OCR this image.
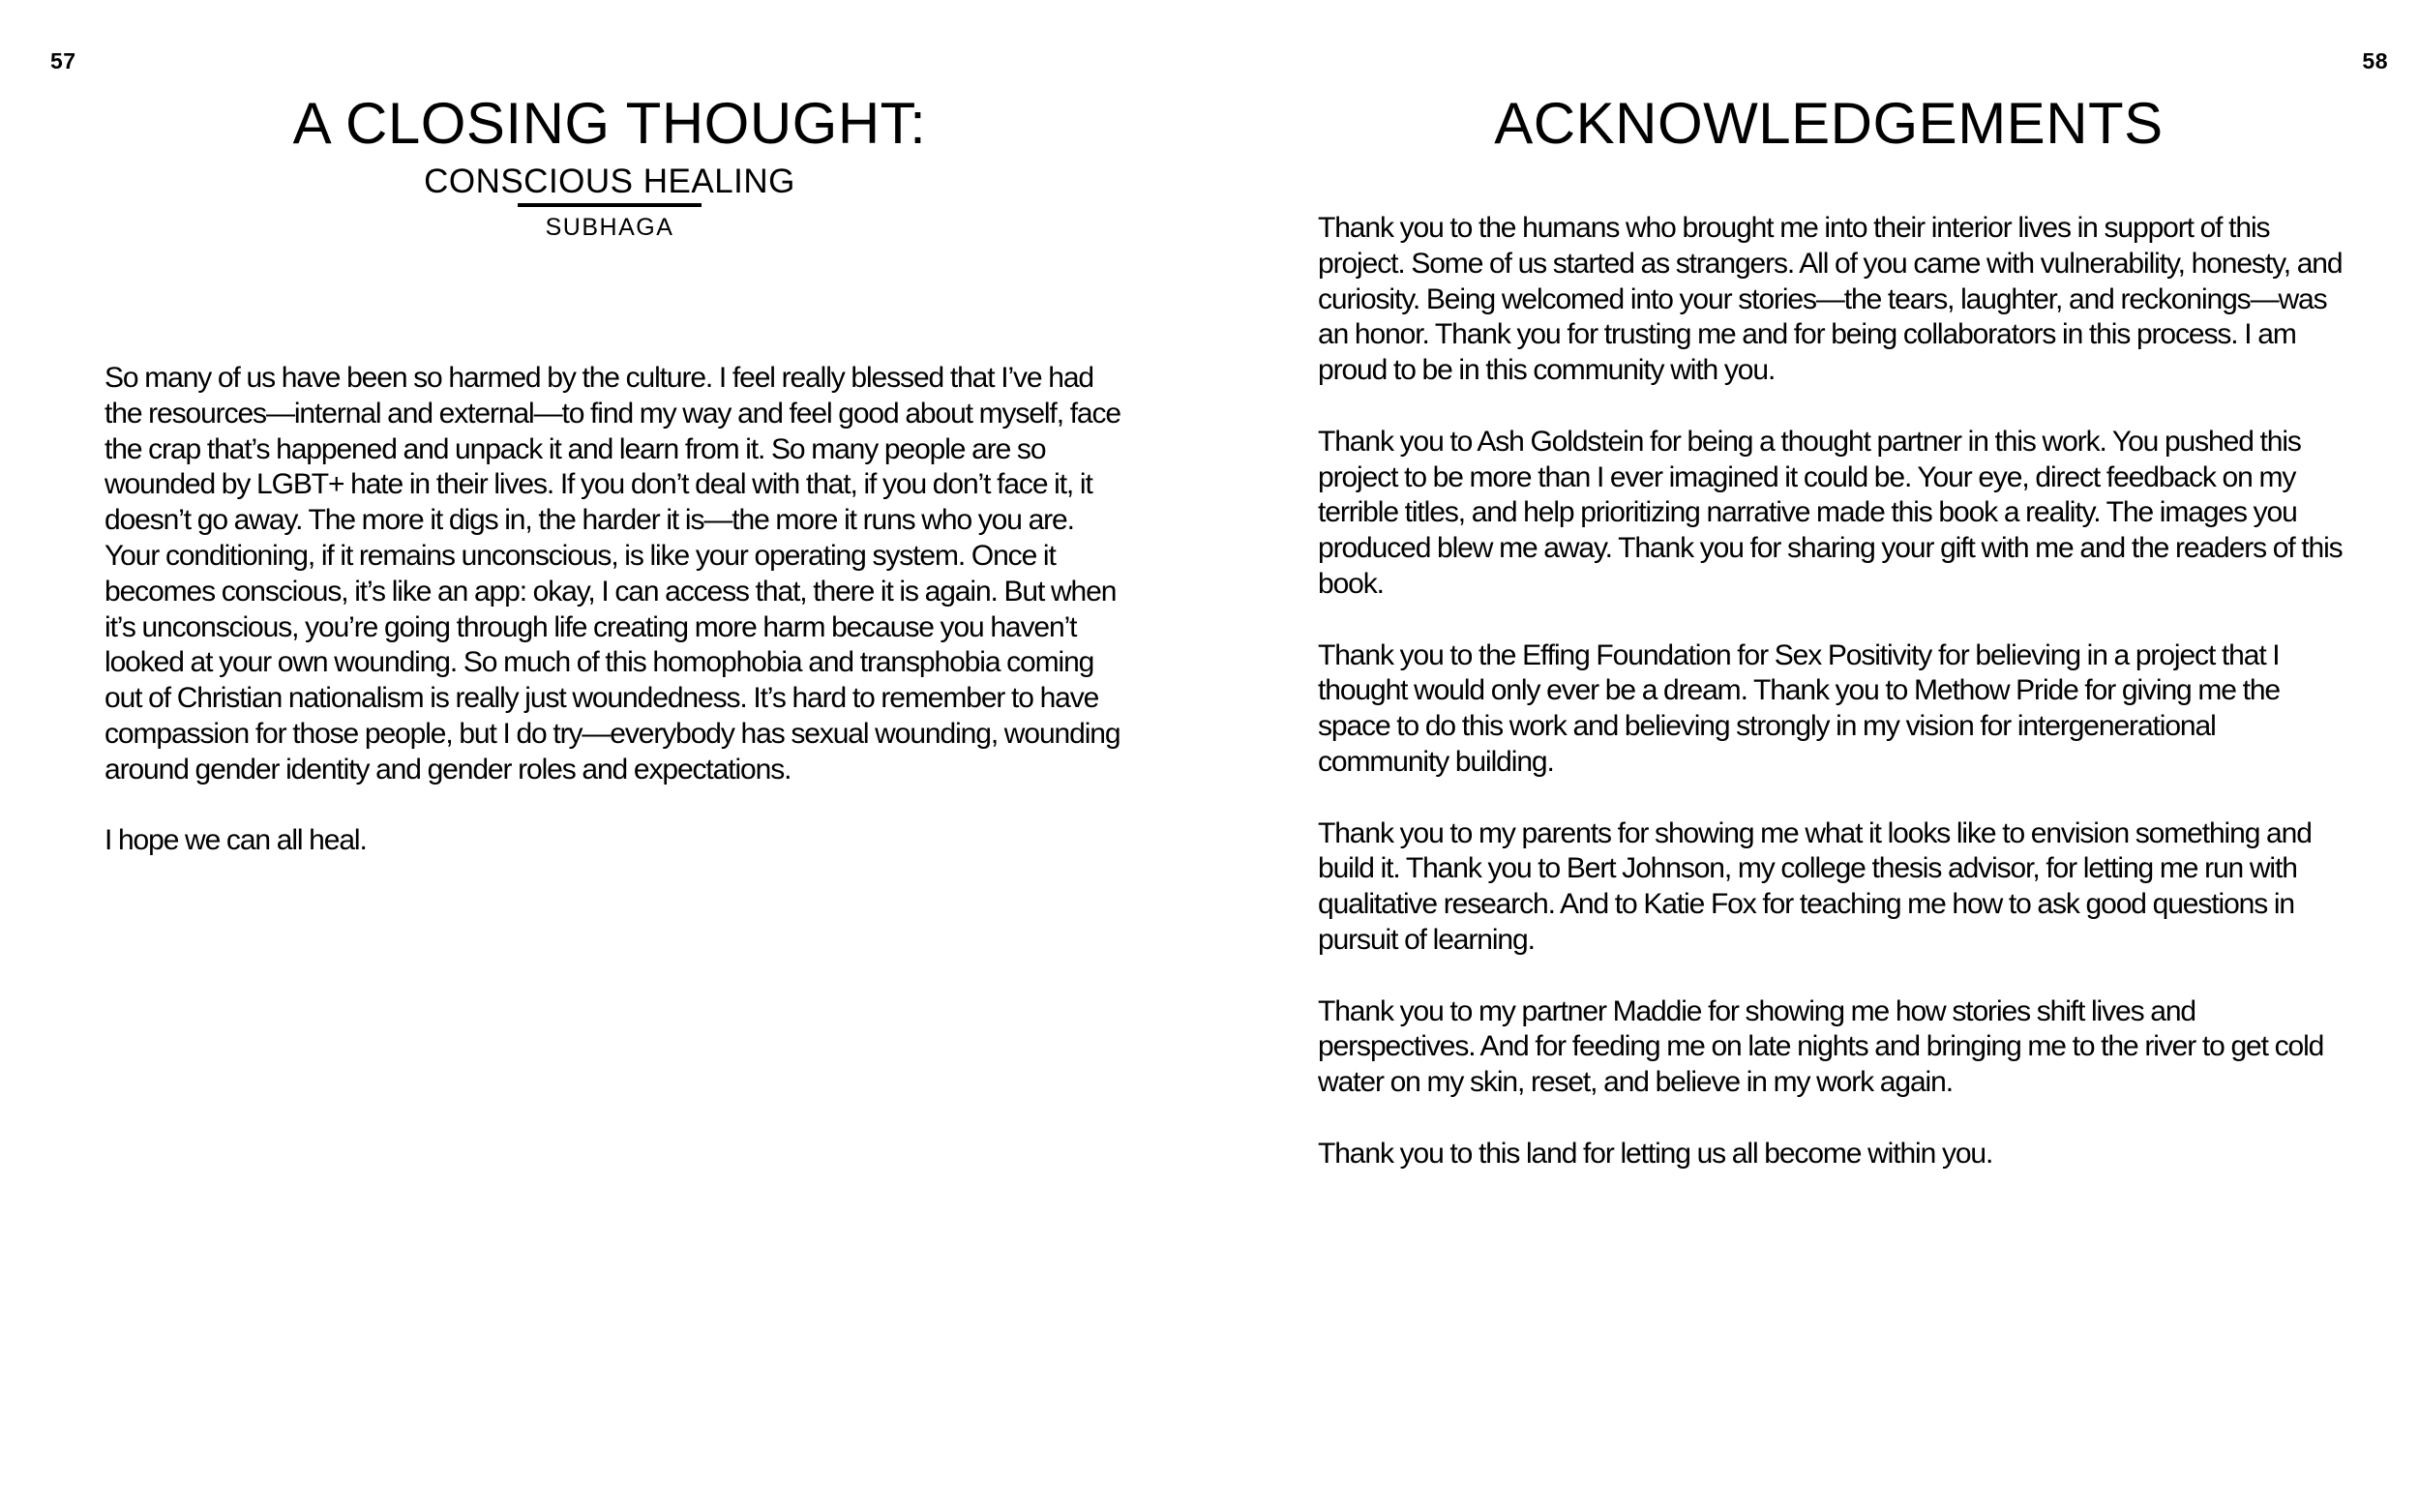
57
A CLOSING THOUGHT:
CONSCIOUS HEALING
SUBHAGA

So many of us have been so harmed by the culture. I feel really blessed that I’ve had the resources—internal and external—to find my way and feel good about myself, face the crap that’s happened and unpack it and learn from it. So many people are so wounded by LGBT+ hate in their lives. If you don’t deal with that, if you don’t face it, it doesn’t go away. The more it digs in, the harder it is—the more it runs who you are. Your conditioning, if it remains unconscious, is like your operating system. Once it becomes conscious, it’s like an app: okay, I can access that, there it is again. But when it’s unconscious, you’re going through life creating more harm because you haven’t looked at your own wounding. So much of this homophobia and transphobia coming out of Christian nationalism is really just woundedness. It’s hard to remember to have compassion for those people, but I do try—everybody has sexual wounding, wounding around gender identity and gender roles and expectations.

I hope we can all heal.

58
ACKNOWLEDGEMENTS

Thank you to the humans who brought me into their interior lives in support of this project. Some of us started as strangers. All of you came with vulnerability, honesty, and curiosity. Being welcomed into your stories—the tears, laughter, and reckonings—was an honor. Thank you for trusting me and for being collaborators in this process. I am proud to be in this community with you.

Thank you to Ash Goldstein for being a thought partner in this work. You pushed this project to be more than I ever imagined it could be. Your eye, direct feedback on my terrible titles, and help prioritizing narrative made this book a reality. The images you produced blew me away. Thank you for sharing your gift with me and the readers of this book.

Thank you to the Effing Foundation for Sex Positivity for believing in a project that I thought would only ever be a dream. Thank you to Methow Pride for giving me the space to do this work and believing strongly in my vision for intergenerational community building.

Thank you to my parents for showing me what it looks like to envision something and build it. Thank you to Bert Johnson, my college thesis advisor, for letting me run with qualitative research. And to Katie Fox for teaching me how to ask good questions in pursuit of learning.

Thank you to my partner Maddie for showing me how stories shift lives and perspectives. And for feeding me on late nights and bringing me to the river to get cold water on my skin, reset, and believe in my work again.

Thank you to this land for letting us all become within you.
